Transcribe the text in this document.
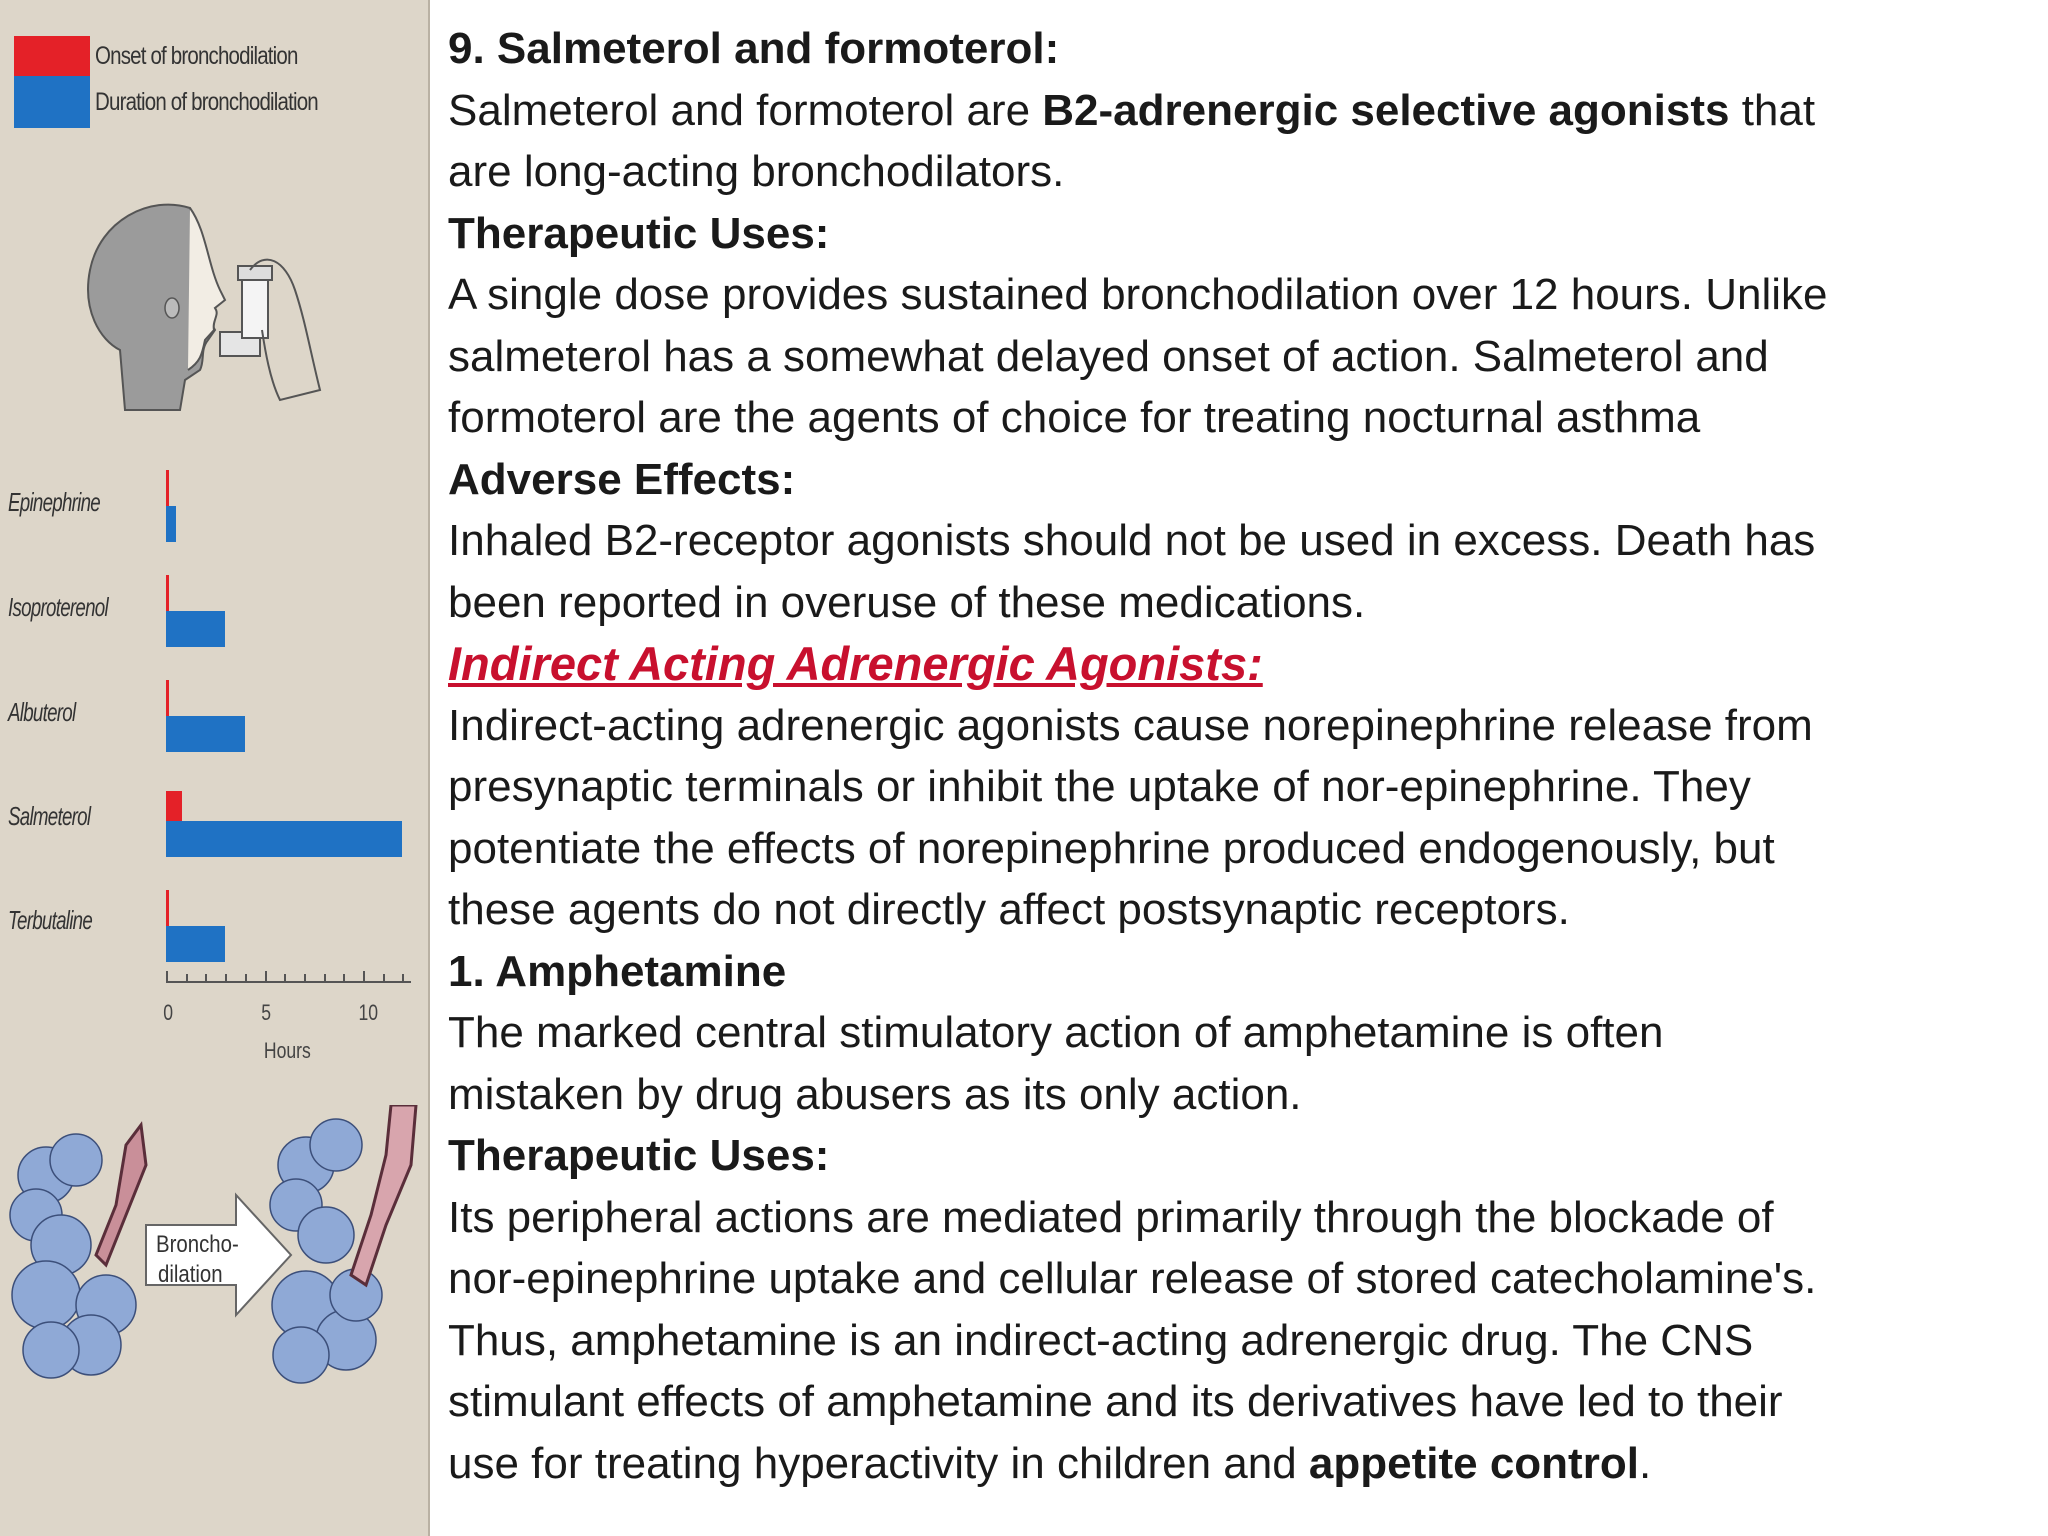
Onset of bronchodilation
Duration of bronchodilation
Epinephrine
Isoproterenol
Albuterol
Salmeterol
Terbutaline
0	5	10
Hours
Broncho-
dilation

9. Salmeterol and formoterol:

Salmeterol and formoterol are B2-adrenergic selective agonists that

are long-acting bronchodilators.

Therapeutic Uses:

A single dose provides sustained bronchodilation over 12 hours. Unlike

salmeterol has a somewhat delayed onset of action. Salmeterol and

formoterol are the agents of choice for treating nocturnal asthma

Adverse Effects:

Inhaled B2-receptor agonists should not be used in excess. Death has

been reported in overuse of these medications.

Indirect Acting Adrenergic Agonists:

Indirect-acting adrenergic agonists cause norepinephrine release from

presynaptic terminals or inhibit the uptake of nor-epinephrine. They

potentiate the effects of norepinephrine produced endogenously, but

these agents do not directly affect postsynaptic receptors.

1. Amphetamine

The marked central stimulatory action of amphetamine is often

mistaken by drug abusers as its only action.

Therapeutic Uses:

Its peripheral actions are mediated primarily through the blockade of

nor-epinephrine uptake and cellular release of stored catecholamine's.

Thus, amphetamine is an indirect-acting adrenergic drug. The CNS

stimulant effects of amphetamine and its derivatives have led to their

use for treating hyperactivity in children and appetite control.
